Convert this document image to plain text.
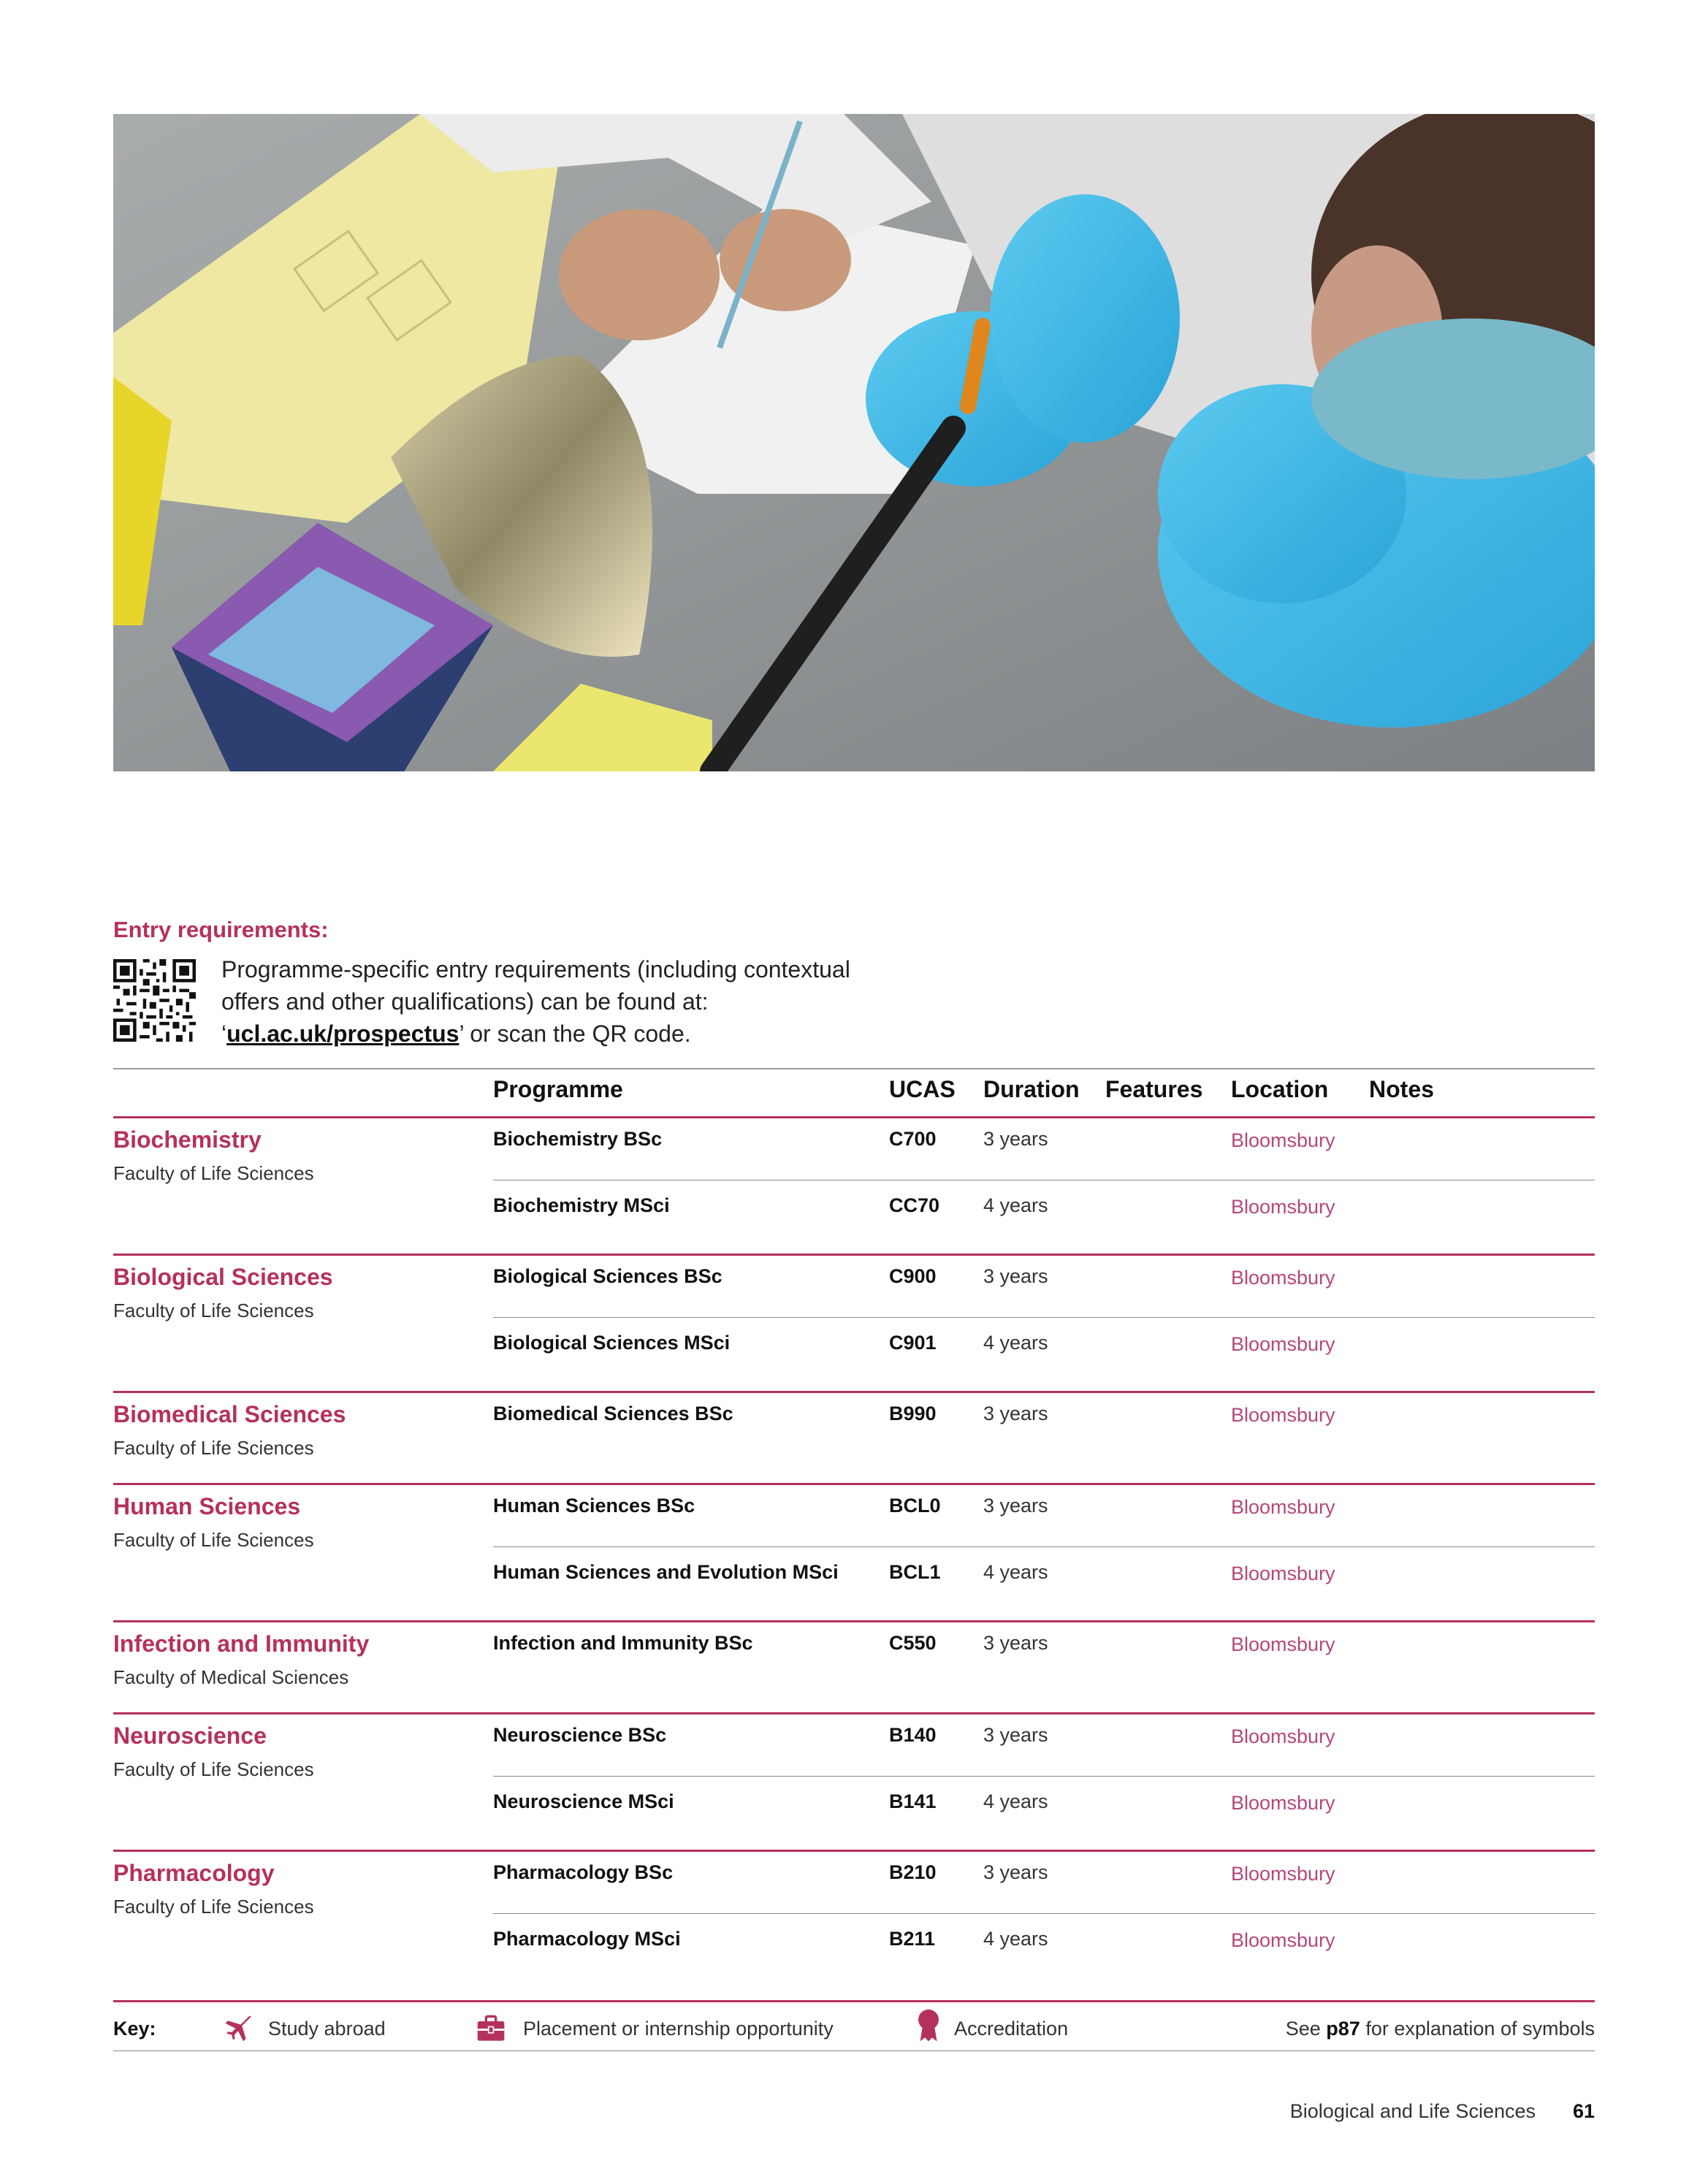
Entry requirements:
Programme-specific entry requirements (including contextual offers and other qualifications) can be found at: ‘ucl.ac.uk/prospectus’ or scan the QR code.
Programme	UCAS Duration Features Location Notes
Biochemistry
Faculty of Life Sciences
Biochemistry BSc	C700 3 years	Bloomsbury
Biochemistry MSci	CC70 4 years	Bloomsbury
Biological Sciences
Faculty of Life Sciences
Biological Sciences BSc	C900 3 years	Bloomsbury
Biological Sciences MSci	C901 4 years	Bloomsbury
Biomedical Sciences
Faculty of Life Sciences
Biomedical Sciences BSc	B990 3 years	Bloomsbury
Human Sciences
Faculty of Life Sciences
Human Sciences BSc	BCL0 3 years	Bloomsbury
Human Sciences and Evolution MSci	BCL1 4 years	Bloomsbury
Infection and Immunity
Faculty of Medical Sciences
Infection and Immunity BSc	C550 3 years	Bloomsbury
Neuroscience
Faculty of Life Sciences
Neuroscience BSc	B140 3 years	Bloomsbury
Neuroscience MSci	B141 4 years	Bloomsbury
Pharmacology
Faculty of Life Sciences
Pharmacology BSc	B210 3 years	Bloomsbury
Pharmacology MSci	B211 4 years	Bloomsbury
Key:	Study abroad	Placement or internship opportunity	Accreditation	See p87 for explanation of symbols
Biological and Life Sciences 61
